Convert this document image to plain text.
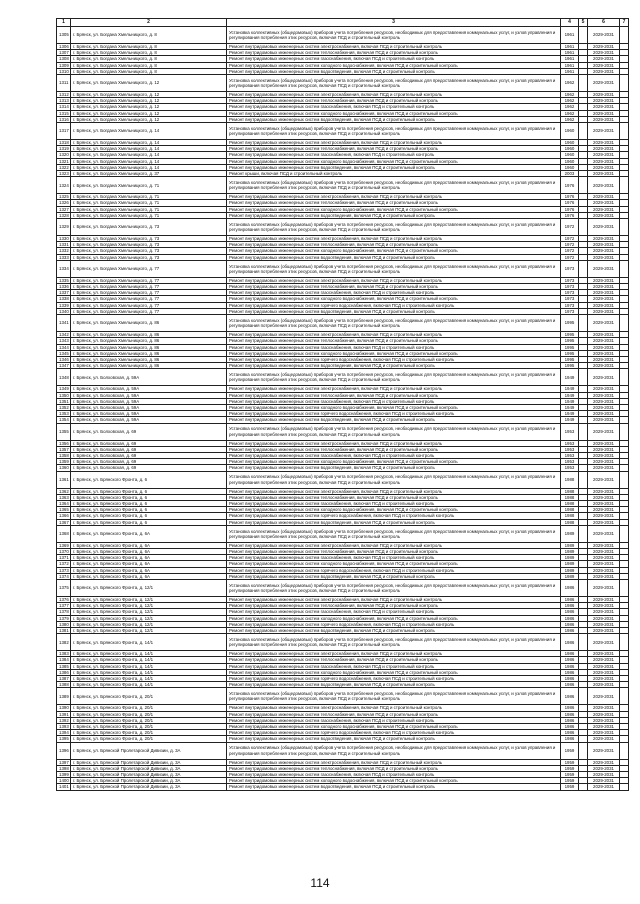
1	2	3	4	5	6	7
1305	г. Брянск, ул. Богдана Хмельницкого, д. 8	Установка коллективных (общедомовых) приборов учета потребления ресурсов, необходимых для предоставления коммунальных услуг, и узлов управления и регулирования потребления этих ресурсов, включая ПСД и строительный контроль	1961		2029-2031	
1306	г. Брянск, ул. Богдана Хмельницкого, д. 8	Ремонт внутридомовых инженерных систем электроснабжения, включая ПСД и строительный контроль	1961		2029-2031	
1307	г. Брянск, ул. Богдана Хмельницкого, д. 8	Ремонт внутридомовых инженерных систем теплоснабжения, включая ПСД и строительный контроль	1961		2029-2031	
1308	г. Брянск, ул. Богдана Хмельницкого, д. 8	Ремонт внутридомовых инженерных систем газоснабжения, включая ПСД и строительный контроль	1961		2029-2031	
1309	г. Брянск, ул. Богдана Хмельницкого, д. 8	Ремонт внутридомовых инженерных систем холодного водоснабжения, включая ПСД и строительный контроль	1961		2029-2031	
1310	г. Брянск, ул. Богдана Хмельницкого, д. 8	Ремонт внутридомовых инженерных систем водоотведения, включая ПСД и строительный контроль	1961		2029-2031	
1311	г. Брянск, ул. Богдана Хмельницкого, д. 12	Установка коллективных (общедомовых) приборов учета потребления ресурсов, необходимых для предоставления коммунальных услуг, и узлов управления и регулирования потребления этих ресурсов, включая ПСД и строительный контроль	1962		2029-2031	
1312	г. Брянск, ул. Богдана Хмельницкого, д. 12	Ремонт внутридомовых инженерных систем электроснабжения, включая ПСД и строительный контроль	1962		2029-2031	
1313	г. Брянск, ул. Богдана Хмельницкого, д. 12	Ремонт внутридомовых инженерных систем теплоснабжения, включая ПСД и строительный контроль	1962		2029-2031	
1314	г. Брянск, ул. Богдана Хмельницкого, д. 12	Ремонт внутридомовых инженерных систем газоснабжения, включая ПСД и строительный контроль	1962		2029-2031	
1315	г. Брянск, ул. Богдана Хмельницкого, д. 12	Ремонт внутридомовых инженерных систем холодного водоснабжения, включая ПСД и строительный контроль	1962		2029-2031	
1316	г. Брянск, ул. Богдана Хмельницкого, д. 12	Ремонт внутридомовых инженерных систем водоотведения, включая ПСД и строительный контроль	1962		2029-2031	
1317	г. Брянск, ул. Богдана Хмельницкого, д. 14	Установка коллективных (общедомовых) приборов учета потребления ресурсов, необходимых для предоставления коммунальных услуг, и узлов управления и регулирования потребления этих ресурсов, включая ПСД и строительный контроль	1960		2029-2031	
1318	г. Брянск, ул. Богдана Хмельницкого, д. 14	Ремонт внутридомовых инженерных систем электроснабжения, включая ПСД и строительный контроль	1960		2029-2031	
1319	г. Брянск, ул. Богдана Хмельницкого, д. 14	Ремонт внутридомовых инженерных систем теплоснабжения, включая ПСД и строительный контроль	1960		2029-2031	
1320	г. Брянск, ул. Богдана Хмельницкого, д. 14	Ремонт внутридомовых инженерных систем газоснабжения, включая ПСД и строительный контроль	1960		2029-2031	
1321	г. Брянск, ул. Богдана Хмельницкого, д. 14	Ремонт внутридомовых инженерных систем холодного водоснабжения, включая ПСД и строительный контроль	1960		2029-2031	
1322	г. Брянск, ул. Богдана Хмельницкого, д. 14	Ремонт внутридомовых инженерных систем водоотведения, включая ПСД и строительный контроль	1960		2029-2031	
1323	г. Брянск, ул. Богдана Хмельницкого, д. 37	Ремонт крыши, включая ПСД и строительный контроль	2003		2029-2031	
1324	г. Брянск, ул. Богдана Хмельницкого, д. 71	Установка коллективных (общедомовых) приборов учета потребления ресурсов, необходимых для предоставления коммунальных услуг, и узлов управления и регулирования потребления этих ресурсов, включая ПСД и строительный контроль	1976		2029-2031	
1325	г. Брянск, ул. Богдана Хмельницкого, д. 71	Ремонт внутридомовых инженерных систем электроснабжения, включая ПСД и строительный контроль	1976		2029-2031	
1326	г. Брянск, ул. Богдана Хмельницкого, д. 71	Ремонт внутридомовых инженерных систем теплоснабжения, включая ПСД и строительный контроль	1976		2029-2031	
1327	г. Брянск, ул. Богдана Хмельницкого, д. 71	Ремонт внутридомовых инженерных систем холодного водоснабжения, включая ПСД и строительный контроль	1976		2029-2031	
1328	г. Брянск, ул. Богдана Хмельницкого, д. 71	Ремонт внутридомовых инженерных систем водоотведения, включая ПСД и строительный контроль	1976		2029-2031	
1329	г. Брянск, ул. Богдана Хмельницкого, д. 73	Установка коллективных (общедомовых) приборов учета потребления ресурсов, необходимых для предоставления коммунальных услуг, и узлов управления и регулирования потребления этих ресурсов, включая ПСД и строительный контроль	1972		2029-2031	
1330	г. Брянск, ул. Богдана Хмельницкого, д. 73	Ремонт внутридомовых инженерных систем электроснабжения, включая ПСД и строительный контроль	1972		2029-2031	
1331	г. Брянск, ул. Богдана Хмельницкого, д. 73	Ремонт внутридомовых инженерных систем теплоснабжения, включая ПСД и строительный контроль	1972		2029-2031	
1332	г. Брянск, ул. Богдана Хмельницкого, д. 73	Ремонт внутридомовых инженерных систем холодного водоснабжения, включая ПСД и строительный контроль	1972		2029-2031	
1333	г. Брянск, ул. Богдана Хмельницкого, д. 73	Ремонт внутридомовых инженерных систем водоотведения, включая ПСД и строительный контроль	1972		2029-2031	
1334	г. Брянск, ул. Богдана Хмельницкого, д. 77	Установка коллективных (общедомовых) приборов учета потребления ресурсов, необходимых для предоставления коммунальных услуг, и узлов управления и регулирования потребления этих ресурсов, включая ПСД и строительный контроль	1973		2029-2031	
1335	г. Брянск, ул. Богдана Хмельницкого, д. 77	Ремонт внутридомовых инженерных систем электроснабжения, включая ПСД и строительный контроль	1973		2029-2031	
1336	г. Брянск, ул. Богдана Хмельницкого, д. 77	Ремонт внутридомовых инженерных систем теплоснабжения, включая ПСД и строительный контроль	1973		2029-2031	
1337	г. Брянск, ул. Богдана Хмельницкого, д. 77	Ремонт внутридомовых инженерных систем газоснабжения, включая ПСД и строительный контроль	1973		2029-2031	
1338	г. Брянск, ул. Богдана Хмельницкого, д. 77	Ремонт внутридомовых инженерных систем холодного водоснабжения, включая ПСД и строительный контроль	1973		2029-2031	
1339	г. Брянск, ул. Богдана Хмельницкого, д. 77	Ремонт внутридомовых инженерных систем горячего водоснабжения, включая ПСД и строительный контроль	1973		2029-2031	
1340	г. Брянск, ул. Богдана Хмельницкого, д. 77	Ремонт внутридомовых инженерных систем водоотведения, включая ПСД и строительный контроль	1973		2029-2031	
1341	г. Брянск, ул. Богдана Хмельницкого, д. 86	Установка коллективных (общедомовых) приборов учета потребления ресурсов, необходимых для предоставления коммунальных услуг, и узлов управления и регулирования потребления этих ресурсов, включая ПСД и строительный контроль	1995		2029-2031	
1342	г. Брянск, ул. Богдана Хмельницкого, д. 86	Ремонт внутридомовых инженерных систем электроснабжения, включая ПСД и строительный контроль	1995		2029-2031	
1343	г. Брянск, ул. Богдана Хмельницкого, д. 86	Ремонт внутридомовых инженерных систем теплоснабжения, включая ПСД и строительный контроль	1995		2029-2031	
1344	г. Брянск, ул. Богдана Хмельницкого, д. 86	Ремонт внутридомовых инженерных систем газоснабжения, включая ПСД и строительный контроль	1995		2029-2031	
1345	г. Брянск, ул. Богдана Хмельницкого, д. 86	Ремонт внутридомовых инженерных систем холодного водоснабжения, включая ПСД и строительный контроль	1995		2029-2031	
1346	г. Брянск, ул. Богдана Хмельницкого, д. 86	Ремонт внутридомовых инженерных систем горячего водоснабжения, включая ПСД и строительный контроль	1995		2029-2031	
1347	г. Брянск, ул. Богдана Хмельницкого, д. 86	Ремонт внутридомовых инженерных систем водоотведения, включая ПСД и строительный контроль	1995		2029-2031	
1348	г. Брянск, ул. Болховская, д. 59А	Установка коллективных (общедомовых) приборов учета потребления ресурсов, необходимых для предоставления коммунальных услуг, и узлов управления и регулирования потребления этих ресурсов, включая ПСД и строительный контроль	1949		2029-2031	
1349	г. Брянск, ул. Болховская, д. 59А	Ремонт внутридомовых инженерных систем электроснабжения, включая ПСД и строительный контроль	1949		2029-2031	
1350	г. Брянск, ул. Болховская, д. 59А	Ремонт внутридомовых инженерных систем теплоснабжения, включая ПСД и строительный контроль	1949		2029-2031	
1351	г. Брянск, ул. Болховская, д. 59А	Ремонт внутридомовых инженерных систем газоснабжения, включая ПСД и строительный контроль	1949		2029-2031	
1352	г. Брянск, ул. Болховская, д. 59А	Ремонт внутридомовых инженерных систем холодного водоснабжения, включая ПСД и строительный контроль	1949		2029-2031	
1353	г. Брянск, ул. Болховская, д. 59А	Ремонт внутридомовых инженерных систем горячего водоснабжения, включая ПСД и строительный контроль	1949		2029-2031	
1354	г. Брянск, ул. Болховская, д. 59А	Ремонт внутридомовых инженерных систем водоотведения, включая ПСД и строительный контроль	1949		2029-2031	
1355	г. Брянск, ул. Болховская, д. 69	Установка коллективных (общедомовых) приборов учета потребления ресурсов, необходимых для предоставления коммунальных услуг, и узлов управления и регулирования потребления этих ресурсов, включая ПСД и строительный контроль	1953		2029-2031	
1356	г. Брянск, ул. Болховская, д. 69	Ремонт внутридомовых инженерных систем электроснабжения, включая ПСД и строительный контроль	1953		2029-2031	
1357	г. Брянск, ул. Болховская, д. 69	Ремонт внутридомовых инженерных систем теплоснабжения, включая ПСД и строительный контроль	1953		2029-2031	
1358	г. Брянск, ул. Болховская, д. 69	Ремонт внутридомовых инженерных систем газоснабжения, включая ПСД и строительный контроль	1953		2029-2031	
1359	г. Брянск, ул. Болховская, д. 69	Ремонт внутридомовых инженерных систем холодного водоснабжения, включая ПСД и строительный контроль	1953		2029-2031	
1360	г. Брянск, ул. Болховская, д. 69	Ремонт внутридомовых инженерных систем водоотведения, включая ПСД и строительный контроль	1953		2029-2031	
1361	г. Брянск, ул. Брянского Фронта, д. 6	Установка коллективных (общедомовых) приборов учета потребления ресурсов, необходимых для предоставления коммунальных услуг, и узлов управления и регулирования потребления этих ресурсов, включая ПСД и строительный контроль	1988		2029-2031	
1362	г. Брянск, ул. Брянского Фронта, д. 6	Ремонт внутридомовых инженерных систем электроснабжения, включая ПСД и строительный контроль	1988		2029-2031	
1363	г. Брянск, ул. Брянского Фронта, д. 6	Ремонт внутридомовых инженерных систем теплоснабжения, включая ПСД и строительный контроль	1988		2029-2031	
1364	г. Брянск, ул. Брянского Фронта, д. 6	Ремонт внутридомовых инженерных систем газоснабжения, включая ПСД и строительный контроль	1988		2029-2031	
1365	г. Брянск, ул. Брянского Фронта, д. 6	Ремонт внутридомовых инженерных систем холодного водоснабжения, включая ПСД и строительный контроль	1988		2029-2031	
1366	г. Брянск, ул. Брянского Фронта, д. 6	Ремонт внутридомовых инженерных систем горячего водоснабжения, включая ПСД и строительный контроль	1988		2029-2031	
1367	г. Брянск, ул. Брянского Фронта, д. 6	Ремонт внутридомовых инженерных систем водоотведения, включая ПСД и строительный контроль	1988		2029-2031	
1368	г. Брянск, ул. Брянского Фронта, д. 6А	Установка коллективных (общедомовых) приборов учета потребления ресурсов, необходимых для предоставления коммунальных услуг, и узлов управления и регулирования потребления этих ресурсов, включая ПСД и строительный контроль	1989		2029-2031	
1369	г. Брянск, ул. Брянского Фронта, д. 6А	Ремонт внутридомовых инженерных систем электроснабжения, включая ПСД и строительный контроль	1989		2029-2031	
1370	г. Брянск, ул. Брянского Фронта, д. 6А	Ремонт внутридомовых инженерных систем теплоснабжения, включая ПСД и строительный контроль	1989		2029-2031	
1371	г. Брянск, ул. Брянского Фронта, д. 6А	Ремонт внутридомовых инженерных систем газоснабжения, включая ПСД и строительный контроль	1989		2029-2031	
1372	г. Брянск, ул. Брянского Фронта, д. 6А	Ремонт внутридомовых инженерных систем холодного водоснабжения, включая ПСД и строительный контроль	1989		2029-2031	
1373	г. Брянск, ул. Брянского Фронта, д. 6А	Ремонт внутридомовых инженерных систем горячего водоснабжения, включая ПСД и строительный контроль	1989		2029-2031	
1374	г. Брянск, ул. Брянского Фронта, д. 6А	Ремонт внутридомовых инженерных систем водоотведения, включая ПСД и строительный контроль	1989		2029-2031	
1375	г. Брянск, ул. Брянского Фронта, д. 12/1	Установка коллективных (общедомовых) приборов учета потребления ресурсов, необходимых для предоставления коммунальных услуг, и узлов управления и регулирования потребления этих ресурсов, включая ПСД и строительный контроль	1986		2029-2031	
1376	г. Брянск, ул. Брянского Фронта, д. 12/1	Ремонт внутридомовых инженерных систем электроснабжения, включая ПСД и строительный контроль	1986		2029-2031	
1377	г. Брянск, ул. Брянского Фронта, д. 12/1	Ремонт внутридомовых инженерных систем теплоснабжения, включая ПСД и строительный контроль	1986		2029-2031	
1378	г. Брянск, ул. Брянского Фронта, д. 12/1	Ремонт внутридомовых инженерных систем газоснабжения, включая ПСД и строительный контроль	1986		2029-2031	
1379	г. Брянск, ул. Брянского Фронта, д. 12/1	Ремонт внутридомовых инженерных систем холодного водоснабжения, включая ПСД и строительный контроль	1986		2029-2031	
1380	г. Брянск, ул. Брянского Фронта, д. 12/1	Ремонт внутридомовых инженерных систем горячего водоснабжения, включая ПСД и строительный контроль	1986		2029-2031	
1381	г. Брянск, ул. Брянского Фронта, д. 12/1	Ремонт внутридомовых инженерных систем водоотведения, включая ПСД и строительный контроль	1986		2029-2031	
1382	г. Брянск, ул. Брянского Фронта, д. 14/1	Установка коллективных (общедомовых) приборов учета потребления ресурсов, необходимых для предоставления коммунальных услуг, и узлов управления и регулирования потребления этих ресурсов, включая ПСД и строительный контроль	1986		2029-2031	
1383	г. Брянск, ул. Брянского Фронта, д. 14/1	Ремонт внутридомовых инженерных систем электроснабжения, включая ПСД и строительный контроль	1986		2029-2031	
1384	г. Брянск, ул. Брянского Фронта, д. 14/1	Ремонт внутридомовых инженерных систем теплоснабжения, включая ПСД и строительный контроль	1986		2029-2031	
1385	г. Брянск, ул. Брянского Фронта, д. 14/1	Ремонт внутридомовых инженерных систем газоснабжения, включая ПСД и строительный контроль	1986		2029-2031	
1386	г. Брянск, ул. Брянского Фронта, д. 14/1	Ремонт внутридомовых инженерных систем холодного водоснабжения, включая ПСД и строительный контроль	1986		2029-2031	
1387	г. Брянск, ул. Брянского Фронта, д. 14/1	Ремонт внутридомовых инженерных систем горячего водоснабжения, включая ПСД и строительный контроль	1986		2029-2031	
1388	г. Брянск, ул. Брянского Фронта, д. 14/1	Ремонт внутридомовых инженерных систем водоотведения, включая ПСД и строительный контроль	1986		2029-2031	
1389	г. Брянск, ул. Брянского Фронта, д. 20/1	Установка коллективных (общедомовых) приборов учета потребления ресурсов, необходимых для предоставления коммунальных услуг, и узлов управления и регулирования потребления этих ресурсов, включая ПСД и строительный контроль	1986		2029-2031	
1390	г. Брянск, ул. Брянского Фронта, д. 20/1	Ремонт внутридомовых инженерных систем электроснабжения, включая ПСД и строительный контроль	1986		2029-2031	
1391	г. Брянск, ул. Брянского Фронта, д. 20/1	Ремонт внутридомовых инженерных систем теплоснабжения, включая ПСД и строительный контроль	1986		2029-2031	
1392	г. Брянск, ул. Брянского Фронта, д. 20/1	Ремонт внутридомовых инженерных систем газоснабжения, включая ПСД и строительный контроль	1986		2029-2031	
1393	г. Брянск, ул. Брянского Фронта, д. 20/1	Ремонт внутридомовых инженерных систем холодного водоснабжения, включая ПСД и строительный контроль	1986		2029-2031	
1394	г. Брянск, ул. Брянского Фронта, д. 20/1	Ремонт внутридомовых инженерных систем горячего водоснабжения, включая ПСД и строительный контроль	1986		2029-2031	
1395	г. Брянск, ул. Брянского Фронта, д. 20/1	Ремонт внутридомовых инженерных систем водоотведения, включая ПСД и строительный контроль	1986		2029-2031	
1396	г. Брянск, ул. Брянской Пролетарской Дивизии, д. 3А	Установка коллективных (общедомовых) приборов учета потребления ресурсов, необходимых для предоставления коммунальных услуг, и узлов управления и регулирования потребления этих ресурсов, включая ПСД и строительный контроль	1959		2029-2031	
1397	г. Брянск, ул. Брянской Пролетарской Дивизии, д. 3А	Ремонт внутридомовых инженерных систем электроснабжения, включая ПСД и строительный контроль	1959		2029-2031	
1398	г. Брянск, ул. Брянской Пролетарской Дивизии, д. 3А	Ремонт внутридомовых инженерных систем теплоснабжения, включая ПСД и строительный контроль	1959		2029-2031	
1399	г. Брянск, ул. Брянской Пролетарской Дивизии, д. 3А	Ремонт внутридомовых инженерных систем газоснабжения, включая ПСД и строительный контроль	1959		2029-2031	
1400	г. Брянск, ул. Брянской Пролетарской Дивизии, д. 3А	Ремонт внутридомовых инженерных систем холодного водоснабжения, включая ПСД и строительный контроль	1959		2029-2031	
1401	г. Брянск, ул. Брянской Пролетарской Дивизии, д. 3А	Ремонт внутридомовых инженерных систем водоотведения, включая ПСД и строительный контроль	1959		2029-2031	
114
